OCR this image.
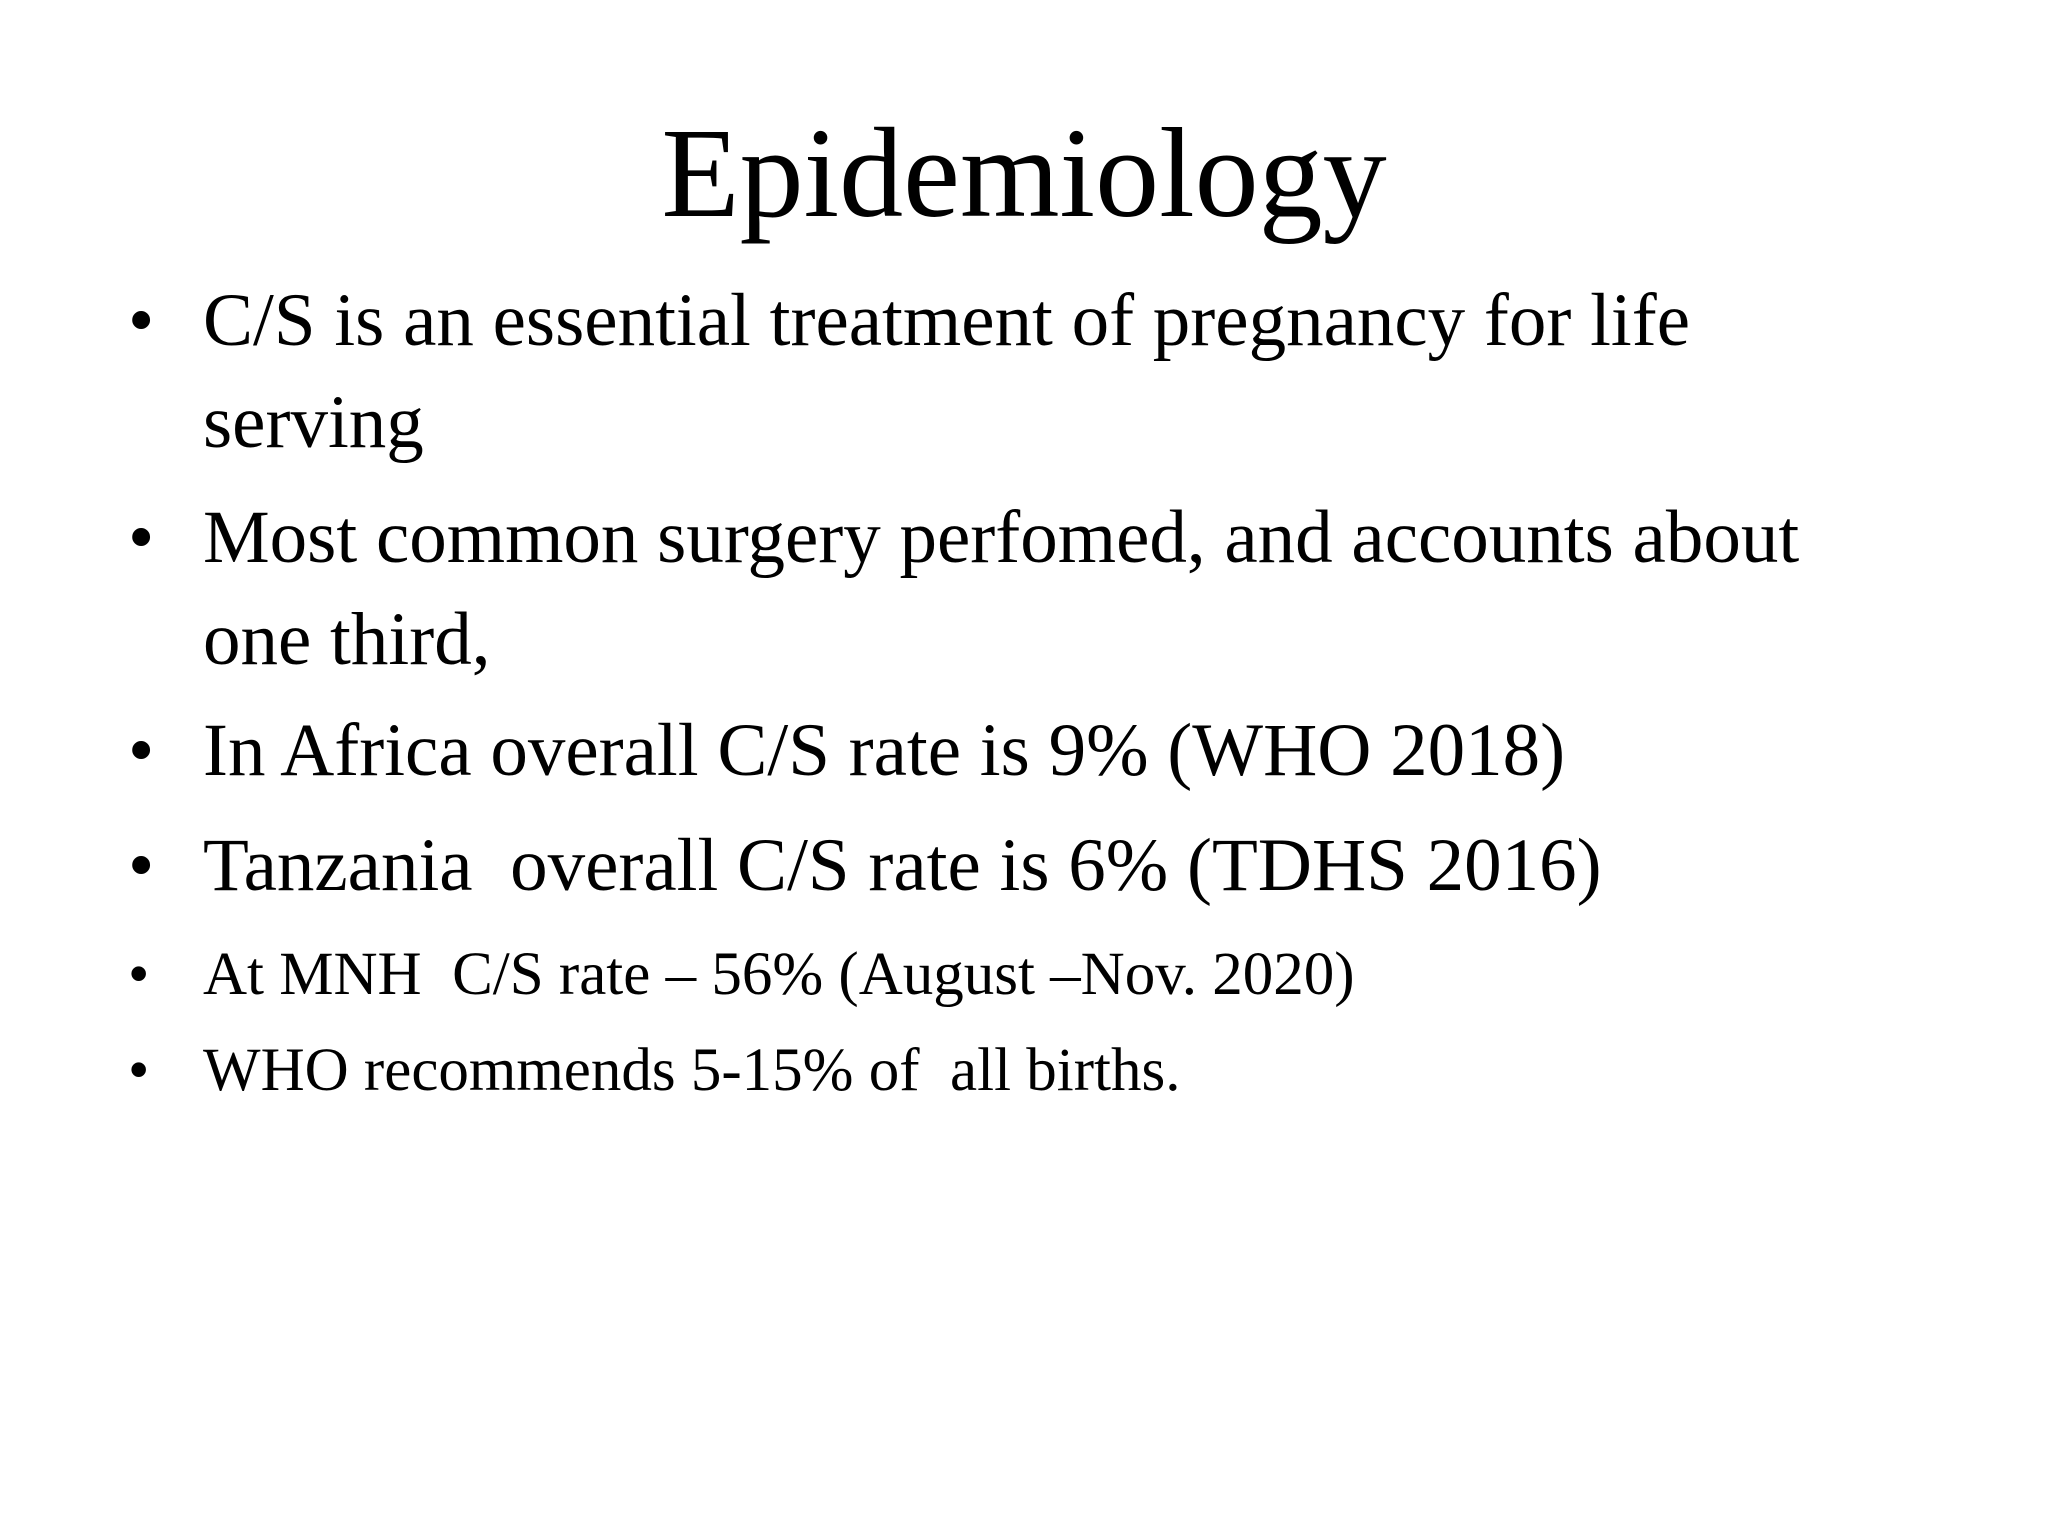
Epidemiology
• C/S is an essential treatment of pregnancy for life
serving
• Most common surgery perfomed, and accounts about
one third,
• In Africa overall C/S rate is 9% (WHO 2018)
• Tanzania  overall C/S rate is 6% (TDHS 2016)
• At MNH  C/S rate – 56% (August –Nov. 2020)
• WHO recommends 5-15% of  all births.
